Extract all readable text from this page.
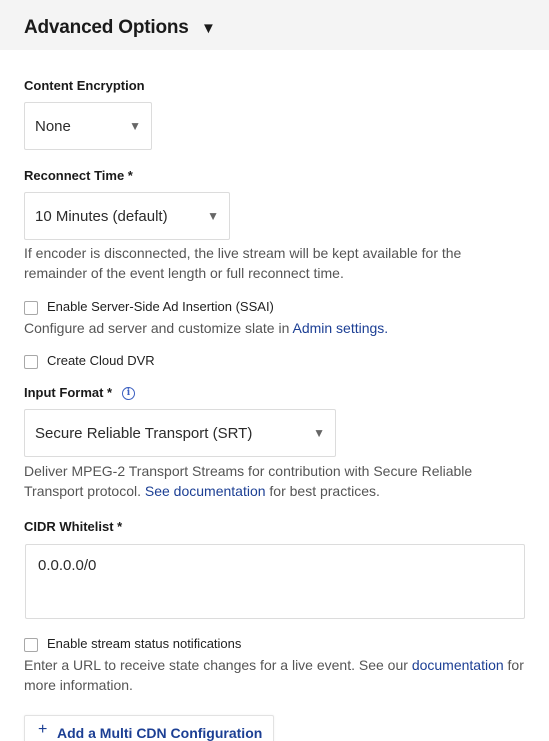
Advanced Options ▼
Content Encryption
None	▼
Reconnect Time *
10 Minutes (default)	▼
If encoder is disconnected, the live stream will be kept available for the remainder of the event length or full reconnect time.
Enable Server-Side Ad Insertion (SSAI)
Configure ad server and customize slate in Admin settings.
Create Cloud DVR
Input Format *	i
Secure Reliable Transport (SRT)	▼
Deliver MPEG-2 Transport Streams for contribution with Secure Reliable Transport protocol. See documentation for best practices.
CIDR Whitelist *
0.0.0.0/0
Enable stream status notifications
Enter a URL to receive state changes for a live event. See our documentation for more information.
+ Add a Multi CDN Configuration
